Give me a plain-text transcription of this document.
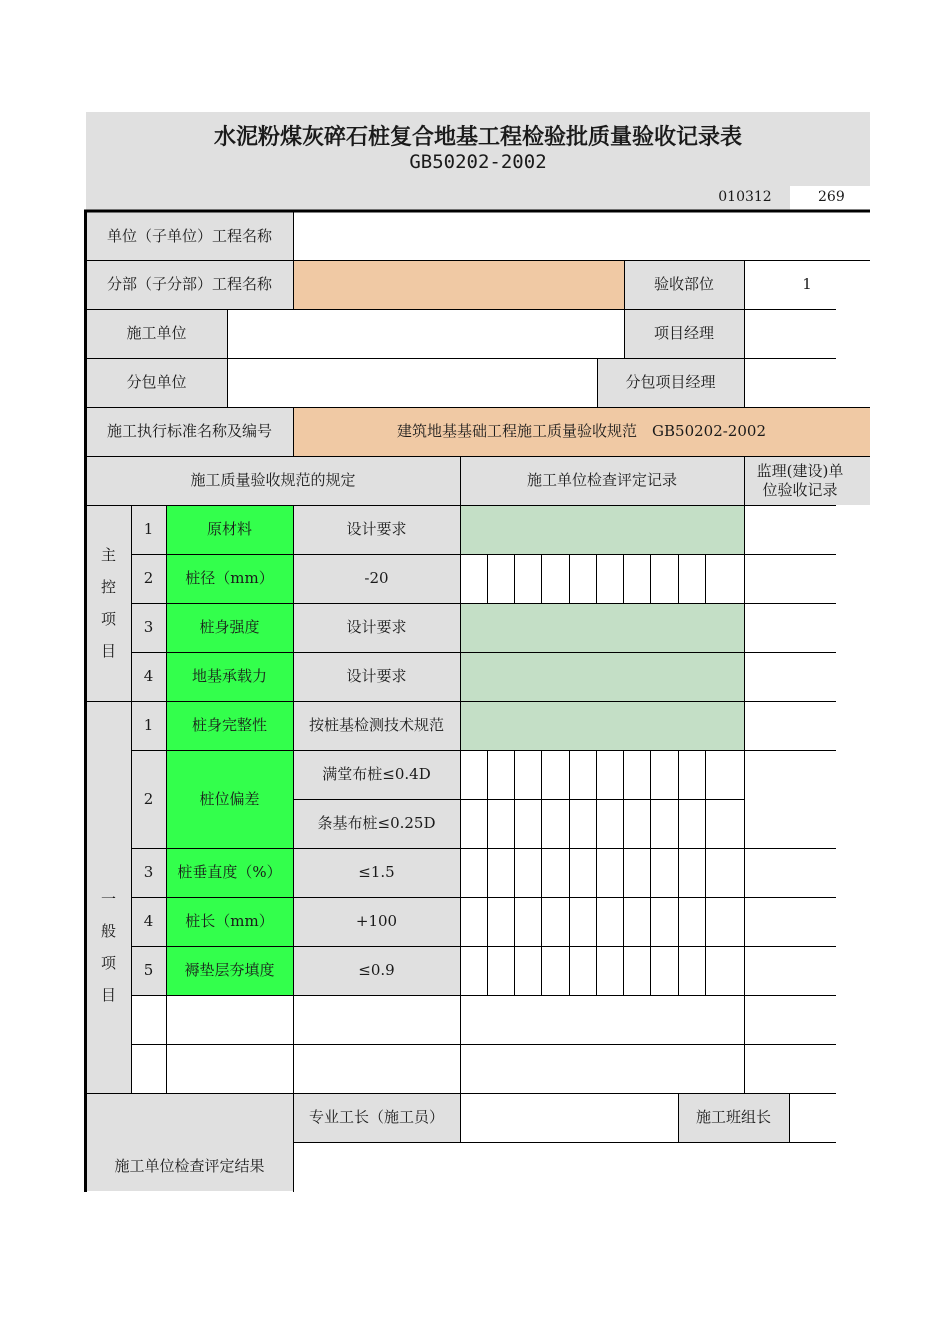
水泥粉煤灰碎石桩复合地基工程检验批质量验收记录表
GB50202-2002
010312	269
单位（子单位）工程名称
分部（子分部）工程名称	验收部位	1
施工单位	项目经理
分包单位	分包项目经理
施工执行标准名称及编号	建筑地基基础工程施工质量验收规范　GB50202-2002
施工质量验收规范的规定	施工单位检查评定记录
监理(建设)单位验收记录
主
控
项
目
1	原材料	设计要求
2	桩径（mm）	-20
3	桩身强度	设计要求
4	地基承载力	设计要求
一
般
项
目
1	桩身完整性	按桩基检测技术规范
2	桩位偏差
满堂布桩≤0.4D
条基布桩≤0.25D
3	桩垂直度（%）	≤1.5
4	桩长（mm）	+100
5	褥垫层夯填度	≤0.9
施工单位检查评定结果
专业工长（施工员）	施工班组长
